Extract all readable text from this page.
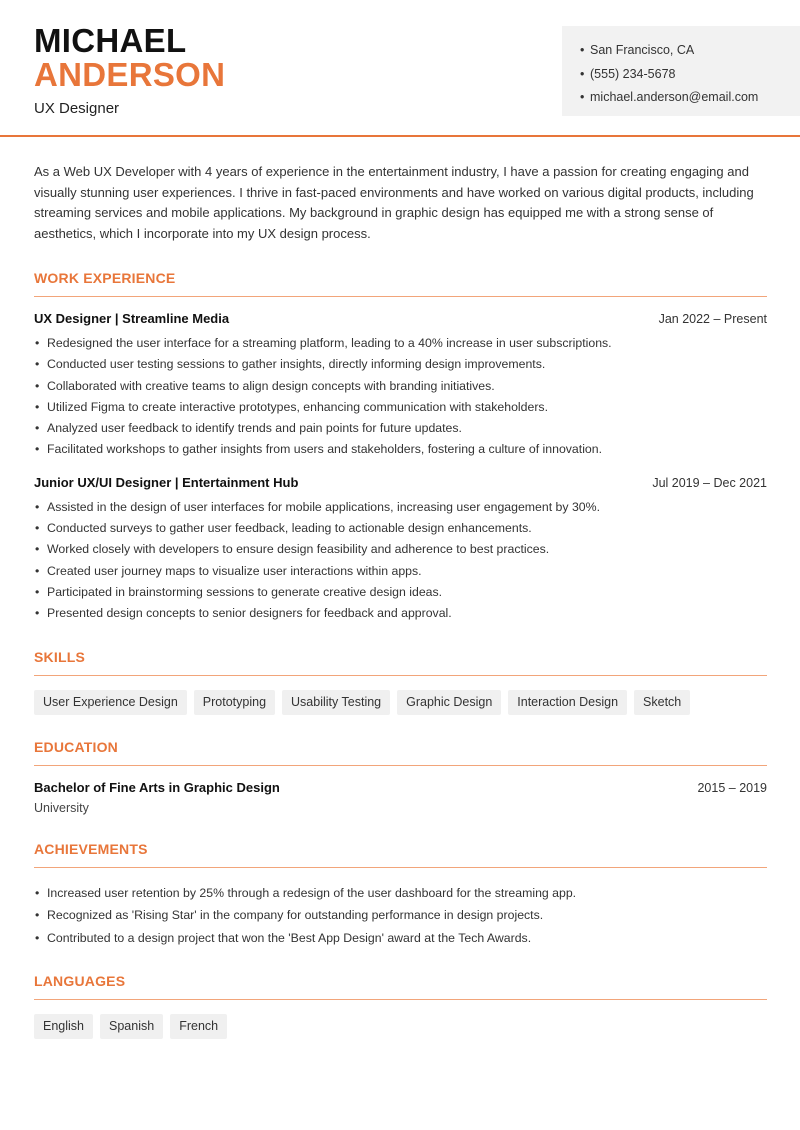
MICHAEL
ANDERSON
UX Designer
• San Francisco, CA
• (555) 234-5678
• michael.anderson@email.com

As a Web UX Developer with 4 years of experience in the entertainment industry, I have a passion for creating engaging and visually stunning user experiences. I thrive in fast-paced environments and have worked on various digital products, including streaming services and mobile applications. My background in graphic design has equipped me with a strong sense of aesthetics, which I incorporate into my UX design process.

WORK EXPERIENCE
UX Designer | Streamline Media	Jan 2022 – Present
• Redesigned the user interface for a streaming platform, leading to a 40% increase in user subscriptions.
• Conducted user testing sessions to gather insights, directly informing design improvements.
• Collaborated with creative teams to align design concepts with branding initiatives.
• Utilized Figma to create interactive prototypes, enhancing communication with stakeholders.
• Analyzed user feedback to identify trends and pain points for future updates.
• Facilitated workshops to gather insights from users and stakeholders, fostering a culture of innovation.
Junior UX/UI Designer | Entertainment Hub	Jul 2019 – Dec 2021
• Assisted in the design of user interfaces for mobile applications, increasing user engagement by 30%.
• Conducted surveys to gather user feedback, leading to actionable design enhancements.
• Worked closely with developers to ensure design feasibility and adherence to best practices.
• Created user journey maps to visualize user interactions within apps.
• Participated in brainstorming sessions to generate creative design ideas.
• Presented design concepts to senior designers for feedback and approval.
SKILLS
User Experience Design	Prototyping	Usability Testing	Graphic Design	Interaction Design	Sketch
EDUCATION
Bachelor of Fine Arts in Graphic Design	2015 – 2019
University
ACHIEVEMENTS
• Increased user retention by 25% through a redesign of the user dashboard for the streaming app.
• Recognized as 'Rising Star' in the company for outstanding performance in design projects.
• Contributed to a design project that won the 'Best App Design' award at the Tech Awards.
LANGUAGES
English	Spanish	French
